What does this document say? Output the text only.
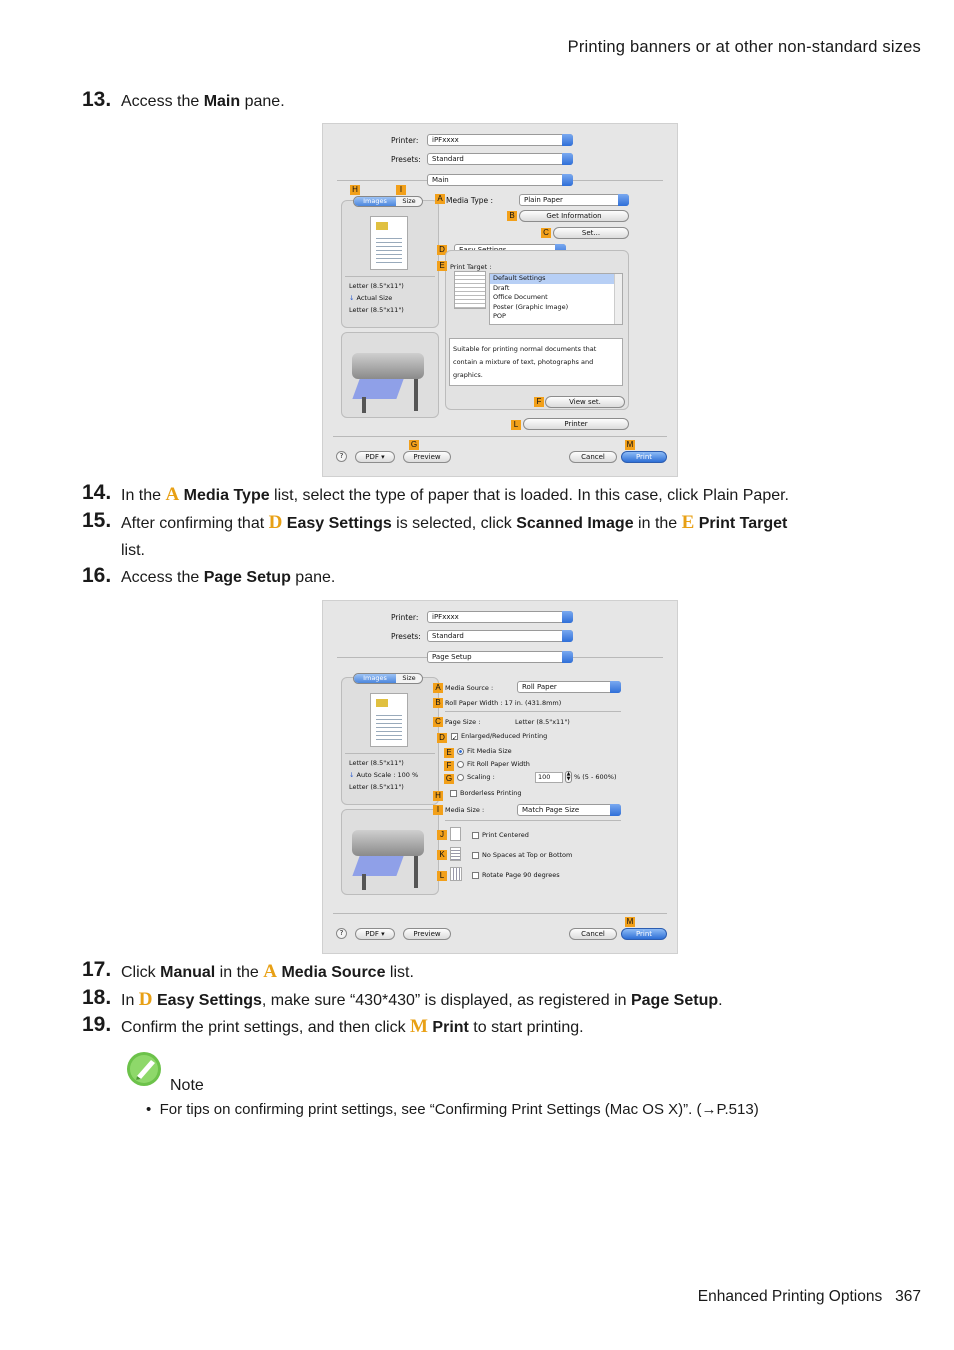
Printing banners or at other non-standard sizes
13. Access the Main pane.
Printer:	iPFxxxx
Presets:	Standard
Main
H	I
Images Size
Letter (8.5"x11")
↓ Actual Size
Letter (8.5"x11")
A Media Type :	Plain Paper
B	Get Information
C	Set...
D
E Print Target :
Default Settings
Draft
Office Document
Poster (Graphic Image)
POP
Suitable for printing normal documents that contain a mixture of text, photographs and graphics.
F	View set.
L	Printer
G	M
?	PDF ▾	Preview	Cancel	Print
14. In the A Media Type list, select the type of paper that is loaded. In this case, click Plain Paper.
15. After confirming that D Easy Settings is selected, click Scanned Image in the E Print Target
list.
16. Access the Page Setup pane.
Printer:	iPFxxxx
Presets:	Standard
Page Setup
Images Size
Letter (8.5"x11")
↓ Auto Scale : 100 %
Letter (8.5"x11")
A Media Source :	Roll Paper
B Roll Paper Width : 17 in. (431.8mm)
C Page Size :	Letter (8.5"x11")
D	✓ Enlarged/Reduced Printing
E	Fit Media Size
F	Fit Roll Paper Width
G	Scaling :	100	▲
▼ % (5 - 600%)
H	Borderless Printing
I Media Size :	Match Page Size
J	Print Centered
K	No Spaces at Top or Bottom
L	Rotate Page 90 degrees
M
?	PDF ▾	Preview	Cancel	Print
17. Click Manual in the A Media Source list.
18. In D Easy Settings, make sure “430*430” is displayed, as registered in Page Setup.
19. Confirm the print settings, and then click M Print to start printing.
Note
•  For tips on confirming print settings, see “Confirming Print Settings (Mac OS X)”. (→P.513)
Enhanced Printing Options 367
